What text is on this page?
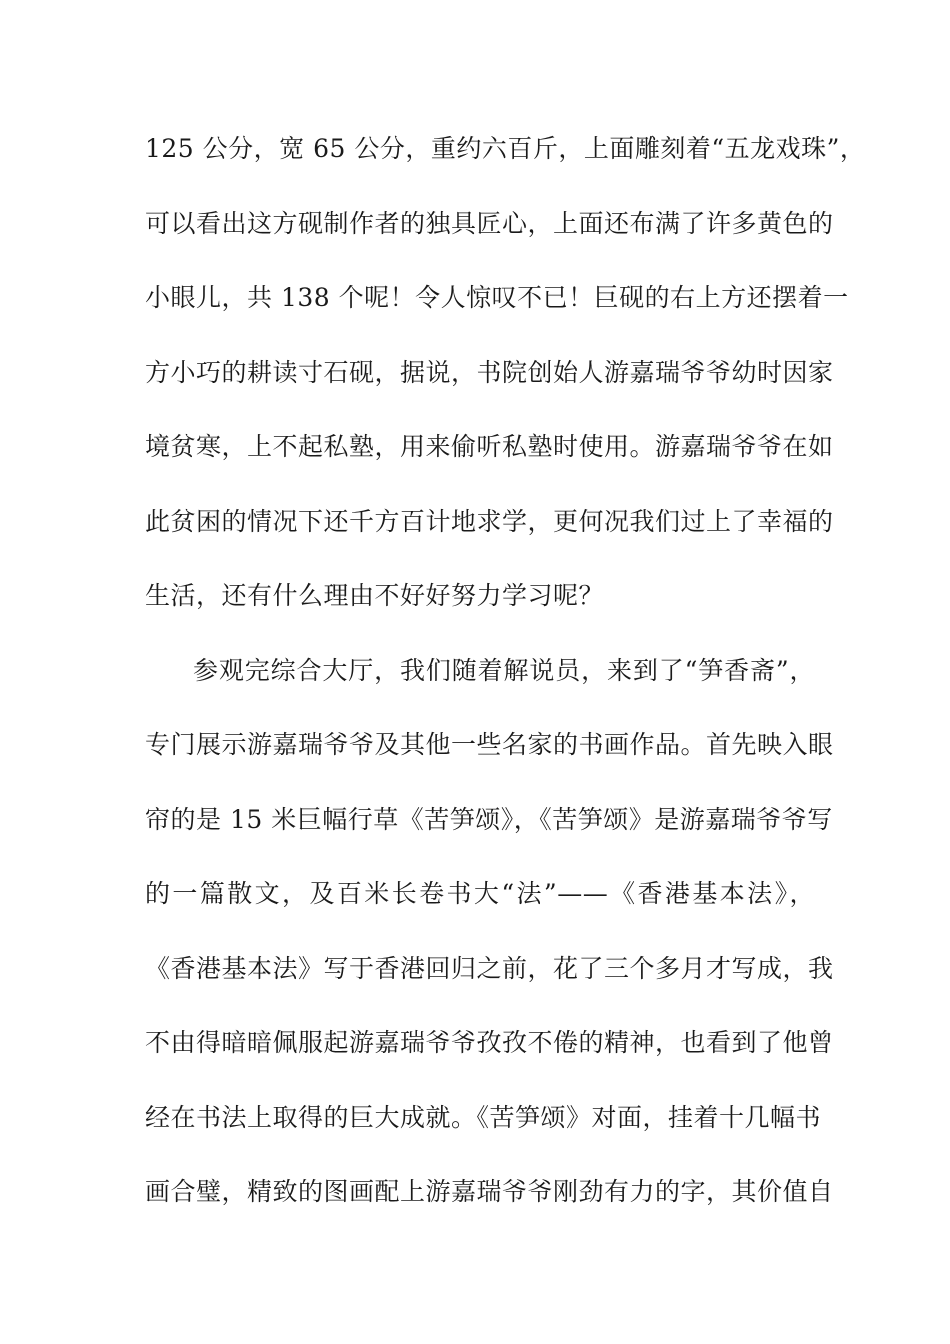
125 公分，宽 65 公分，重约六百斤，上面雕刻着“五龙戏珠”，
可以看出这方砚制作者的独具匠心，上面还布满了许多黄色的
小眼儿，共 138 个呢！令人惊叹不已！巨砚的右上方还摆着一
方小巧的耕读寸石砚，据说，书院创始人游嘉瑞爷爷幼时因家
境贫寒，上不起私塾，用来偷听私塾时使用。游嘉瑞爷爷在如
此贫困的情况下还千方百计地求学，更何况我们过上了幸福的
生活，还有什么理由不好好努力学习呢？
参观完综合大厅，我们随着解说员，来到了“笋香斋”，
专门展示游嘉瑞爷爷及其他一些名家的书画作品。首先映入眼
帘的是 15 米巨幅行草《苦笋颂》，《苦笋颂》是游嘉瑞爷爷写
的一篇散文，及百米长卷书大“法”——《香港基本法》，
《香港基本法》写于香港回归之前，花了三个多月才写成，我
不由得暗暗佩服起游嘉瑞爷爷孜孜不倦的精神，也看到了他曾
经在书法上取得的巨大成就。《苦笋颂》对面，挂着十几幅书
画合璧，精致的图画配上游嘉瑞爷爷刚劲有力的字，其价值自
